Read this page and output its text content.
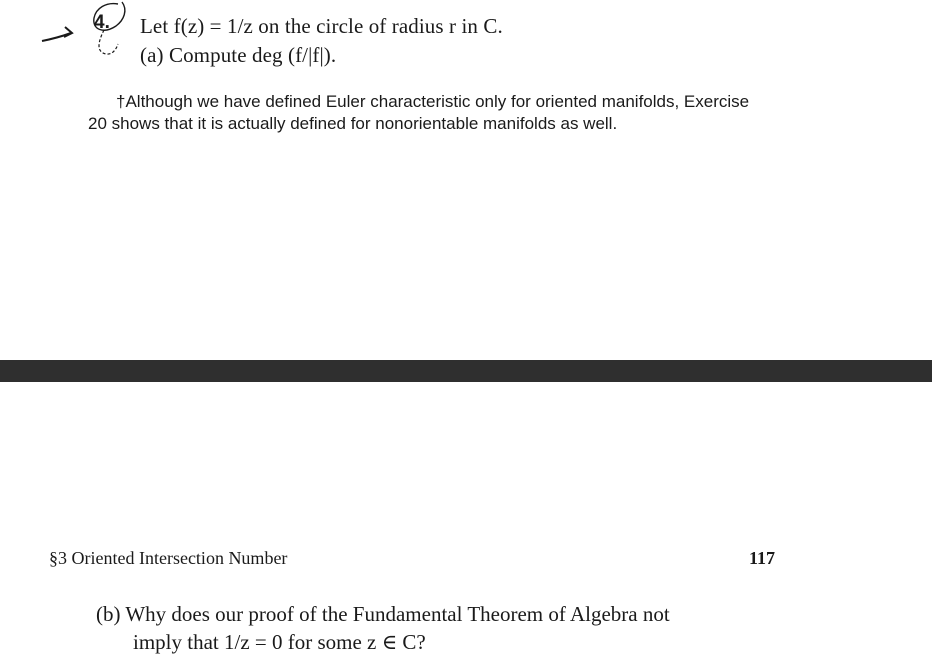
4. Let f(z) = 1/z on the circle of radius r in C.
(a) Compute deg (f/|f|).
†Although we have defined Euler characteristic only for oriented manifolds, Exercise
20 shows that it is actually defined for nonorientable manifolds as well.
§3 Oriented Intersection Number	117
(b) Why does our proof of the Fundamental Theorem of Algebra not
imply that 1/z = 0 for some z ∈ C?
